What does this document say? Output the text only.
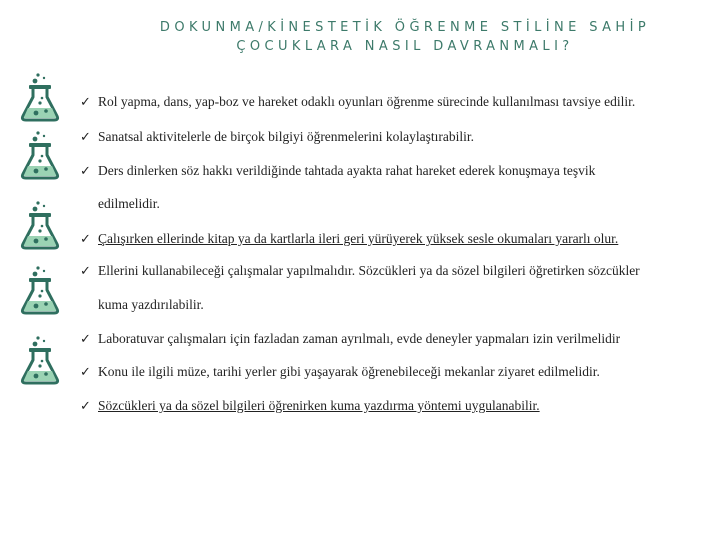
DOKUNMA/KİNESTETİK ÖĞRENME STİLİNE SAHİP
ÇOCUKLARA NASIL DAVRANMALI?
✓ Rol yapma, dans, yap-boz ve hareket odaklı oyunları öğrenme sürecinde kullanılması tavsiye edilir.
✓ Sanatsal aktivitelerle de birçok bilgiyi öğrenmelerini kolaylaştırabilir.
✓ Ders dinlerken söz hakkı verildiğinde tahtada ayakta rahat hareket ederek konuşmaya teşvik
edilmelidir.
✓ Çalışırken ellerinde kitap ya da kartlarla ileri geri yürüyerek yüksek sesle okumaları yararlı olur.
✓ Ellerini kullanabileceği çalışmalar yapılmalıdır. Sözcükleri ya da sözel bilgileri öğretirken sözcükler
kuma yazdırılabilir.
✓ Laboratuvar çalışmaları için fazladan zaman ayrılmalı, evde deneyler yapmaları izin verilmelidir
✓ Konu ile ilgili müze, tarihi yerler gibi yaşayarak öğrenebileceği mekanlar ziyaret edilmelidir.
✓ Sözcükleri ya da sözel bilgileri öğrenirken kuma yazdırma yöntemi uygulanabilir.
